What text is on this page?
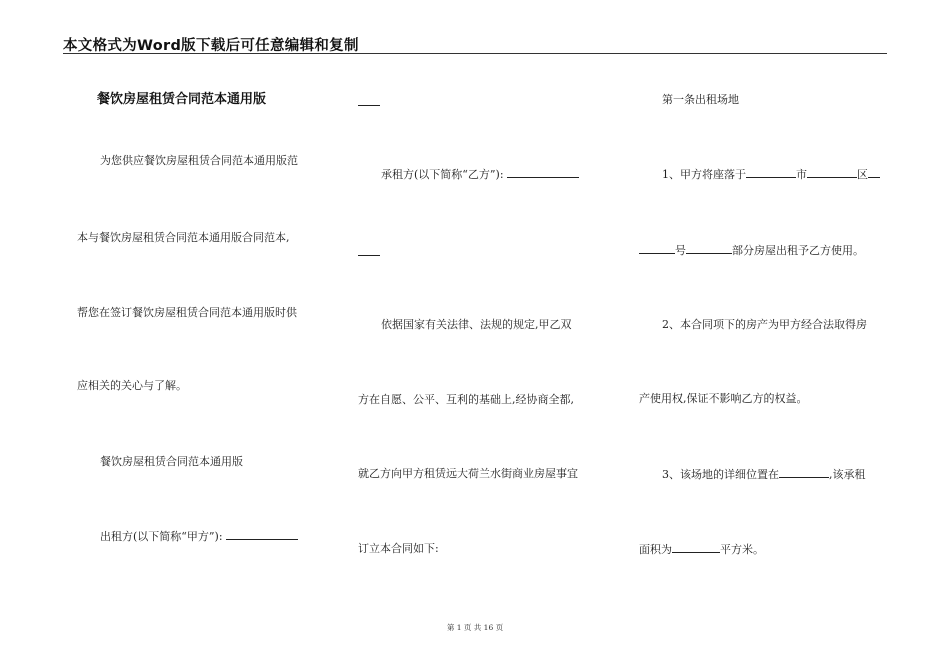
本文格式为Word版下载后可任意编辑和复制
餐饮房屋租赁合同范本通用版
为您供应餐饮房屋租赁合同范本通用版范
本与餐饮房屋租赁合同范本通用版合同范本,
帮您在签订餐饮房屋租赁合同范本通用版时供
应相关的关心与了解。
餐饮房屋租赁合同范本通用版
出租方(以下简称“甲方”):
承租方(以下简称“乙方”):
依据国家有关法律、法规的规定,甲乙双
方在自愿、公平、互利的基础上,经协商全都,
就乙方向甲方租赁远大荷兰水街商业房屋事宜
订立本合同如下:
第一条出租场地
1、甲方将座落于	市	区
号	部分房屋出租予乙方使用。
2、本合同项下的房产为甲方经合法取得房
产使用权,保证不影响乙方的权益。
3、该场地的详细位置在	,该承租
面积为	平方米。
第 1 页 共 16 页
